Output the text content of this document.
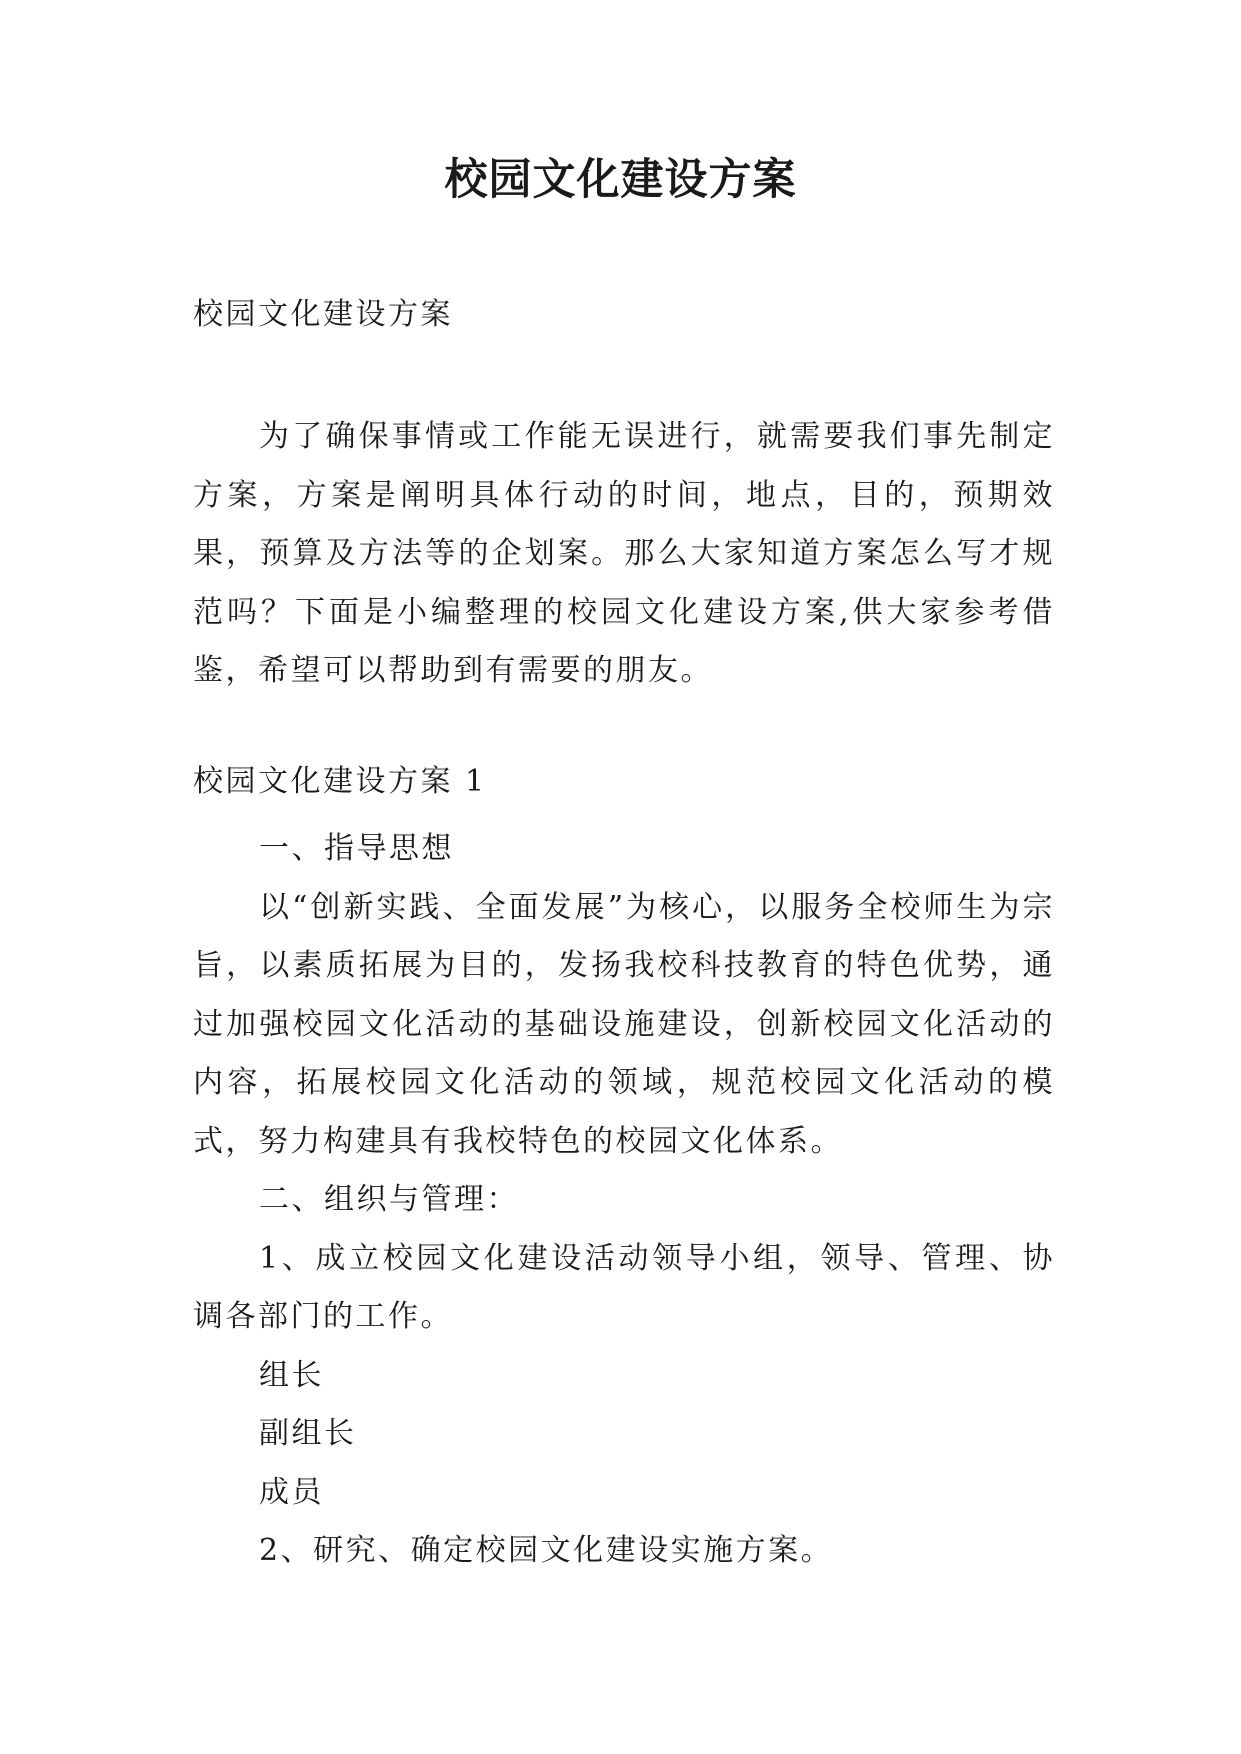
校园文化建设方案
校园文化建设方案
为了确保事情或工作能无误进行，就需要我们事先制定方案，方案是阐明具体行动的时间，地点，目的，预期效果，预算及方法等的企划案。那么大家知道方案怎么写才规范吗？下面是小编整理的校园文化建设方案,供大家参考借鉴，希望可以帮助到有需要的朋友。
校园文化建设方案 1

一、指导思想

以“创新实践、全面发展”为核心，以服务全校师生为宗旨，以素质拓展为目的，发扬我校科技教育的特色优势，通过加强校园文化活动的基础设施建设，创新校园文化活动的内容，拓展校园文化活动的领域，规范校园文化活动的模式，努力构建具有我校特色的校园文化体系。

二、组织与管理：

1、成立校园文化建设活动领导小组，领导、管理、协调各部门的工作。

组长

副组长

成员

2、研究、确定校园文化建设实施方案。
